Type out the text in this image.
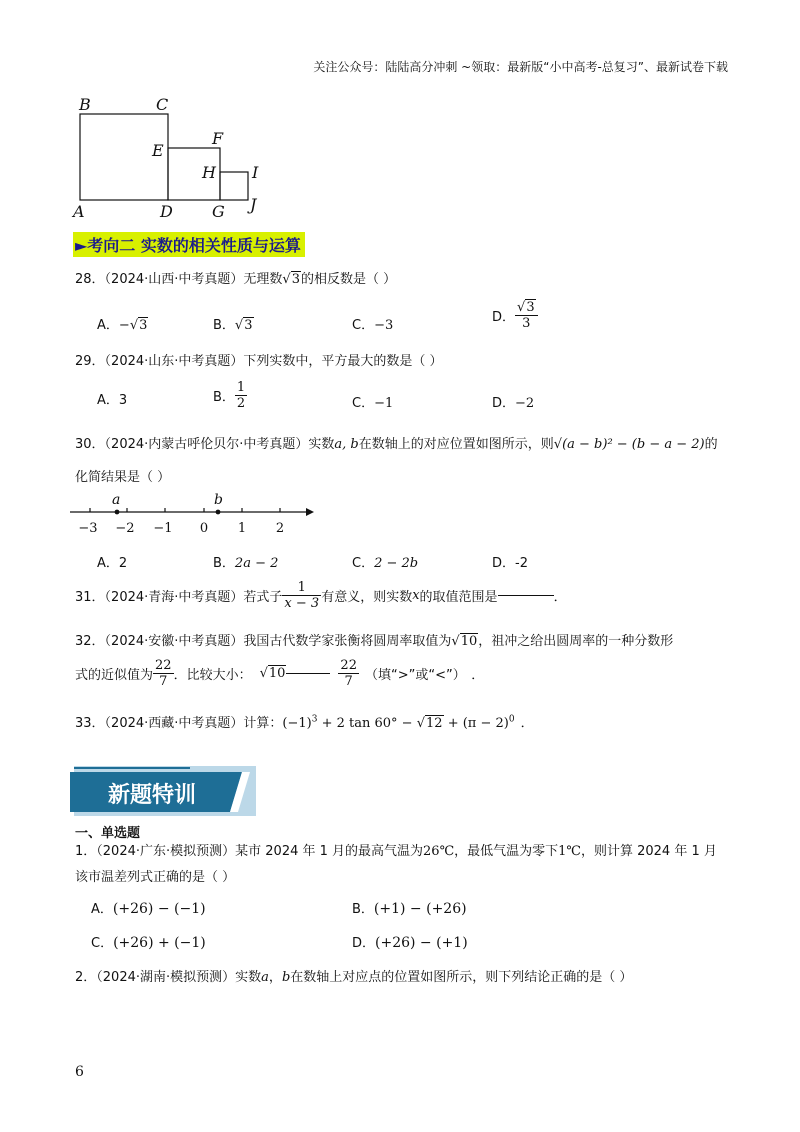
关注公众号：陆陆高分冲刺 ~领取：最新版“小中高考-总复习”、最新试卷下载
B	C
E
F
H I
A	D G J
►考向二 实数的相关性质与运算
28．（2024·山西·中考真题）无理数√3的相反数是（ ）
A．−√3	B．√3	C．−3
D． $\frac{√3}{3}$
29．（2024·山东·中考真题）下列实数中，平方最大的数是（ ）
A．3	B． $\frac{1}{2}$	C．−1	D．−2
30．（2024·内蒙古呼伦贝尔·中考真题）实数a, b在数轴上的对应位置如图所示，则√(a − b)² − (b − a − 2)的
化简结果是（ ）
a	b
−3 −2 −1 0 1 2
A．2	B．2a − 2	C．2 − 2b	D．-2
31．（2024·青海·中考真题）若式子 $\frac{1}{x - 3}$ 有意义，则实数x的取值范围是	．
32．（2024·安徽·中考真题）我国古代数学家张衡将圆周率取值为√10，祖冲之给出圆周率的一种分数形
式的近似值为 $\frac{22}{7}$ ．比较大小： √10	$\frac{22}{7}$ （填“>”或“<”） ．
33．（2024·西藏·中考真题）计算：$(-1)^3 + 2$ $\tan 60^\circ - √12 + (\pi - 2)^0$ ．
新题特训
一、单选题
1．（2024·广东·模拟预测）某市 2024 年 1 月的最高气温为26℃，最低气温为零下1℃，则计算 2024 年 1 月
该市温差列式正确的是（ ）
A．(+26) − (−1)	B．(+1) − (+26)
C．(+26) + (−1)	D．(+26) − (+1)
2．（2024·湖南·模拟预测）实数a，b在数轴上对应点的位置如图所示，则下列结论正确的是（ ）
6
